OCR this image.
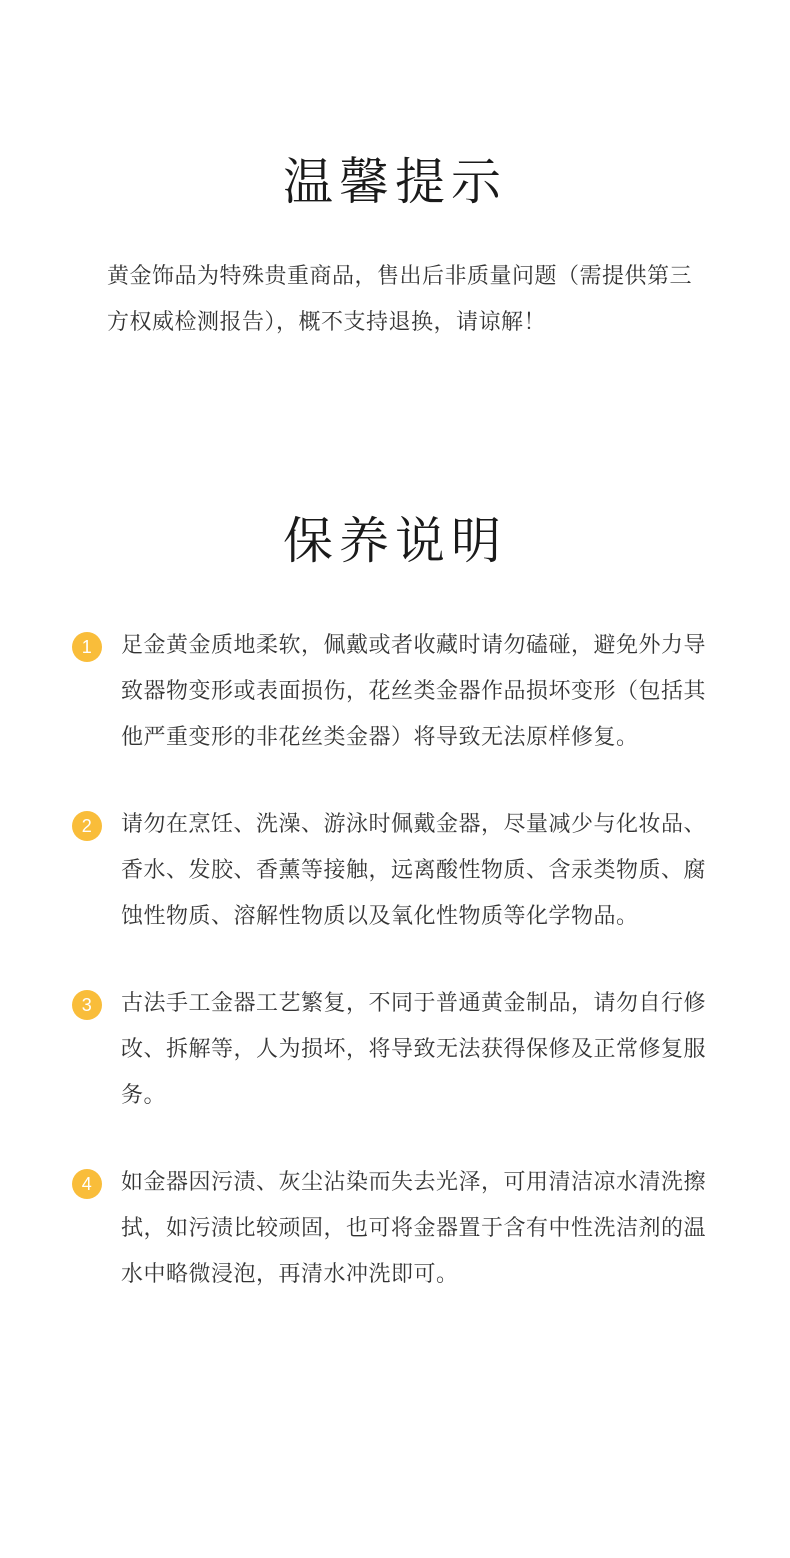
温馨提示

黄金饰品为特殊贵重商品，售出后非质量问题（需提供第三方权威检测报告），概不支持退换，请谅解！

保养说明
1	足金黄金质地柔软，佩戴或者收藏时请勿磕碰，避免外力导致器物变形或表面损伤，花丝类金器作品损坏变形（包括其他严重变形的非花丝类金器）将导致无法原样修复。
2	请勿在烹饪、洗澡、游泳时佩戴金器，尽量减少与化妆品、香水、发胶、香薰等接触，远离酸性物质、含汞类物质、腐蚀性物质、溶解性物质以及氧化性物质等化学物品。
3	古法手工金器工艺繁复，不同于普通黄金制品，请勿自行修改、拆解等，人为损坏，将导致无法获得保修及正常修复服务。
4	如金器因污渍、灰尘沾染而失去光泽，可用清洁凉水清洗擦拭，如污渍比较顽固，也可将金器置于含有中性洗洁剂的温水中略微浸泡，再清水冲洗即可。
